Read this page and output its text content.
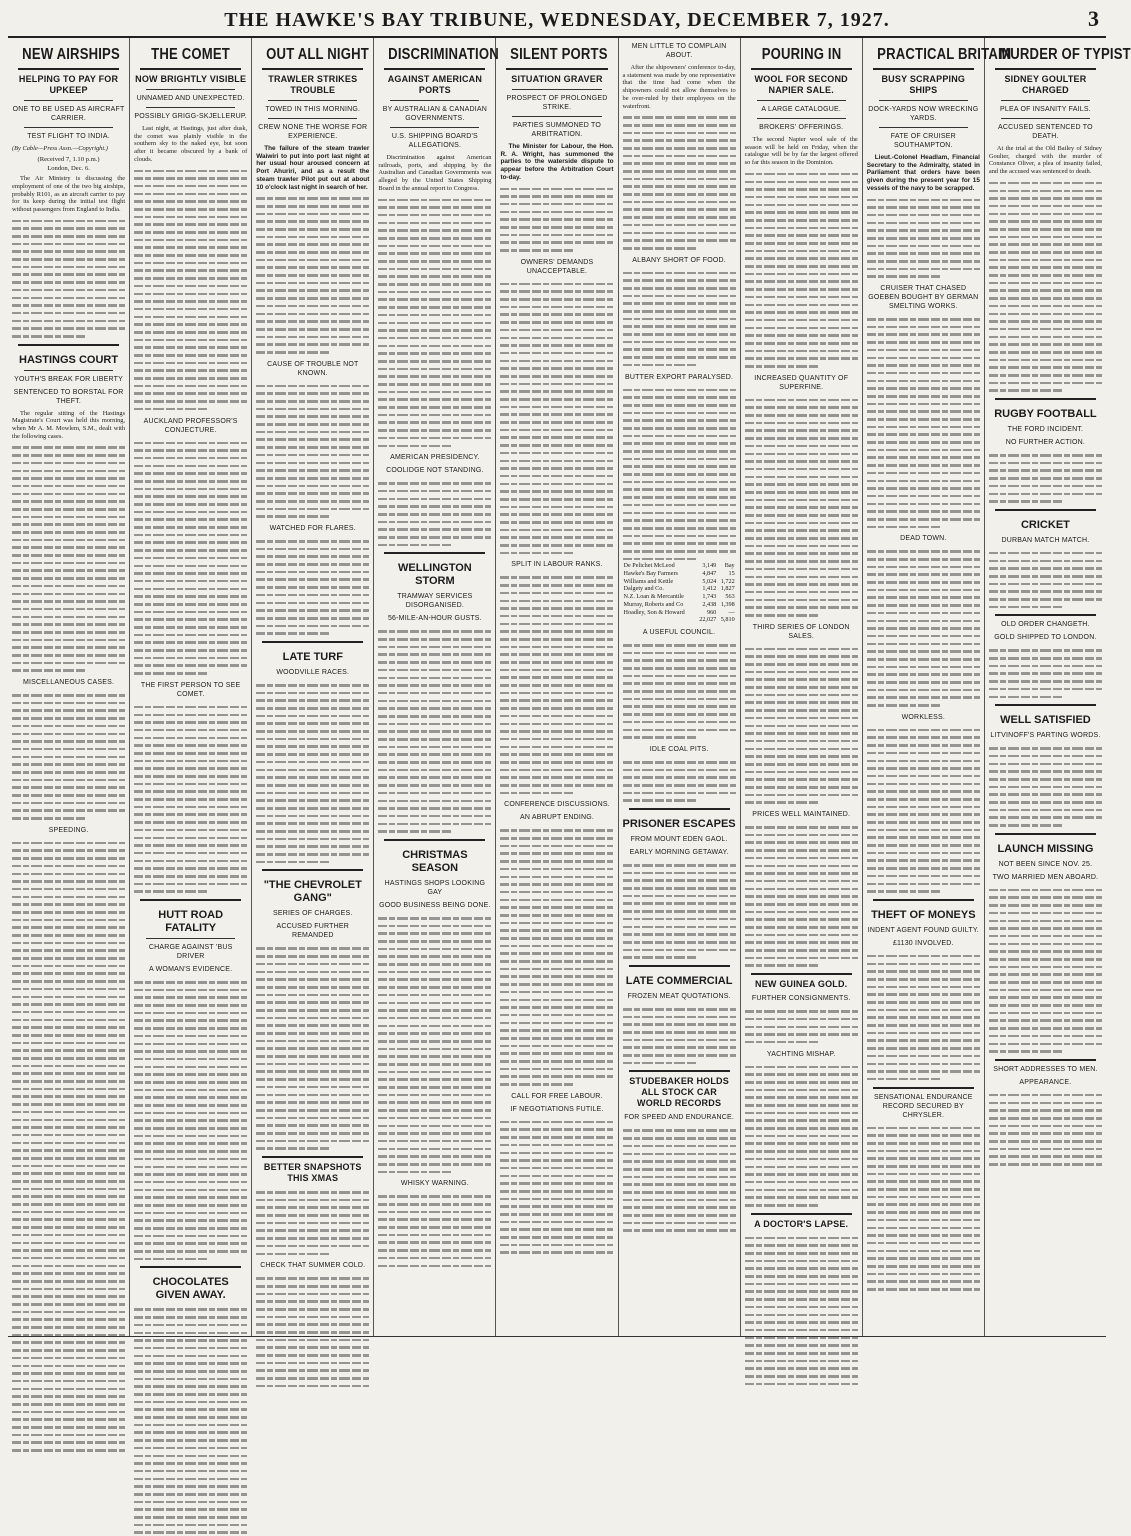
THE HAWKE'S BAY TRIBUNE, WEDNESDAY, DECEMBER 7, 1927.	3
NEW AIRSHIPS
HELPING TO PAY FOR UPKEEP
ONE TO BE USED AS AIRCRAFT CARRIER.
TEST FLIGHT TO INDIA.
(By Cable—Press Assn.—Copyright.)
(Received 7, 1.10 p.m.)
London, Dec. 6.

The Air Ministry is discussing the employment of one of the two big airships, probably R101, as an aircraft carrier to pay for its keep during the initial test flight without passengers from England to India.

HASTINGS COURT
YOUTH'S BREAK FOR LIBERTY
SENTENCED TO BORSTAL FOR THEFT.

The regular sitting of the Hastings Magistrate's Court was held this morning, when Mr A. M. Mowlem, S.M., dealt with the following cases.

MISCELLANEOUS CASES.
SPEEDING.
THE COMET
NOW BRIGHTLY VISIBLE
UNNAMED AND UNEXPECTED.
POSSIBLY GRIGG-SKJELLERUP.

Last night, at Hastings, just after dusk, the comet was plainly visible in the southern sky to the naked eye, but soon after it became obscured by a bank of clouds.

AUCKLAND PROFESSOR'S CONJECTURE.
THE FIRST PERSON TO SEE COMET.
HUTT ROAD FATALITY
CHARGE AGAINST 'BUS DRIVER
A WOMAN'S EVIDENCE.
CHOCOLATES GIVEN AWAY.
OUT ALL NIGHT
TRAWLER STRIKES TROUBLE
TOWED IN THIS MORNING.
CREW NONE THE WORSE FOR EXPERIENCE.

The failure of the steam trawler Waiwiri to put into port last night at her usual hour aroused concern at Port Ahuriri, and as a result the steam trawler Pilot put out at about 10 o'clock last night in search of her.

CAUSE OF TROUBLE NOT KNOWN.
WATCHED FOR FLARES.
LATE TURF
WOODVILLE RACES.
"THE CHEVROLET GANG"
SERIES OF CHARGES.
ACCUSED FURTHER REMANDED
BETTER SNAPSHOTS THIS XMAS
CHECK THAT SUMMER COLD.
DISCRIMINATION
AGAINST AMERICAN PORTS
BY AUSTRALIAN & CANADIAN GOVERNMENTS.
U.S. SHIPPING BOARD'S ALLEGATIONS.

Discrimination against American railroads, ports, and shipping by the Australian and Canadian Governments was alleged by the United States Shipping Board in the annual report to Congress.

AMERICAN PRESIDENCY.
COOLIDGE NOT STANDING.
WELLINGTON STORM
TRAMWAY SERVICES DISORGANISED.
56-MILE-AN-HOUR GUSTS.
CHRISTMAS SEASON
HASTINGS SHOPS LOOKING GAY
GOOD BUSINESS BEING DONE.
WHISKY WARNING.
SILENT PORTS
SITUATION GRAVER
PROSPECT OF PROLONGED STRIKE.
PARTIES SUMMONED TO ARBITRATION.

The Minister for Labour, the Hon. R. A. Wright, has summoned the parties to the waterside dispute to appear before the Arbitration Court to-day.

OWNERS' DEMANDS UNACCEPTABLE.
SPLIT IN LABOUR RANKS.
CONFERENCE DISCUSSIONS.
AN ABRUPT ENDING.
CALL FOR FREE LABOUR.
IF NEGOTIATIONS FUTILE.
MEN LITTLE TO COMPLAIN ABOUT.

After the shipowners' conference to-day, a statement was made by one representative that the time had come when the shipowners could not allow themselves to be over-ruled by their employees on the waterfront.

ALBANY SHORT OF FOOD.
BUTTER EXPORT PARALYSED.
De Pelichet McLeod	3,149	Bay
Hawke's Bay Farmers	4,847	15
Williams and Kettle	5,024	1,722
Dalgety and Co.	1,412	1,827
N.Z. Loan & Mercantile	1,743	563
Murray, Roberts and Co	2,438	1,398
Hoadley, Son & Howard	960	—
	22,027	5,810
A USEFUL COUNCIL.
IDLE COAL PITS.
PRISONER ESCAPES
FROM MOUNT EDEN GAOL.
EARLY MORNING GETAWAY.
LATE COMMERCIAL
FROZEN MEAT QUOTATIONS.
STUDEBAKER HOLDS ALL STOCK CAR WORLD RECORDS
FOR SPEED AND ENDURANCE.
POURING IN
WOOL FOR SECOND NAPIER SALE.
A LARGE CATALOGUE.
BROKERS' OFFERINGS.

The second Napier wool sale of the season will be held on Friday, when the catalogue will be by far the largest offered so far this season in the Dominion.

INCREASED QUANTITY OF SUPERFINE.
THIRD SERIES OF LONDON SALES.
PRICES WELL MAINTAINED.
NEW GUINEA GOLD.
FURTHER CONSIGNMENTS.
YACHTING MISHAP.
A DOCTOR'S LAPSE.
PRACTICAL BRITAIN
BUSY SCRAPPING SHIPS
DOCK-YARDS NOW WRECKING YARDS.
FATE OF CRUISER SOUTHAMPTON.

Lieut.-Colonel Headlam, Financial Secretary to the Admiralty, stated in Parliament that orders have been given during the present year for 15 vessels of the navy to be scrapped.

CRUISER THAT CHASED GOEBEN BOUGHT BY GERMAN SMELTING WORKS.
DEAD TOWN.
WORKLESS.
THEFT OF MONEYS
INDENT AGENT FOUND GUILTY.
£1130 INVOLVED.
SENSATIONAL ENDURANCE RECORD SECURED BY CHRYSLER.
MURDER OF TYPIST
SIDNEY GOULTER CHARGED
PLEA OF INSANITY FAILS.
ACCUSED SENTENCED TO DEATH.

At the trial at the Old Bailey of Sidney Goulter, charged with the murder of Constance Oliver, a plea of insanity failed, and the accused was sentenced to death.

RUGBY FOOTBALL
THE FORD INCIDENT.
NO FURTHER ACTION.
CRICKET
DURBAN MATCH MATCH.
OLD ORDER CHANGETH.
GOLD SHIPPED TO LONDON.
WELL SATISFIED
LITVINOFF'S PARTING WORDS.
LAUNCH MISSING
NOT BEEN SINCE NOV. 25.
TWO MARRIED MEN ABOARD.
SHORT ADDRESSES TO MEN.
APPEARANCE.
